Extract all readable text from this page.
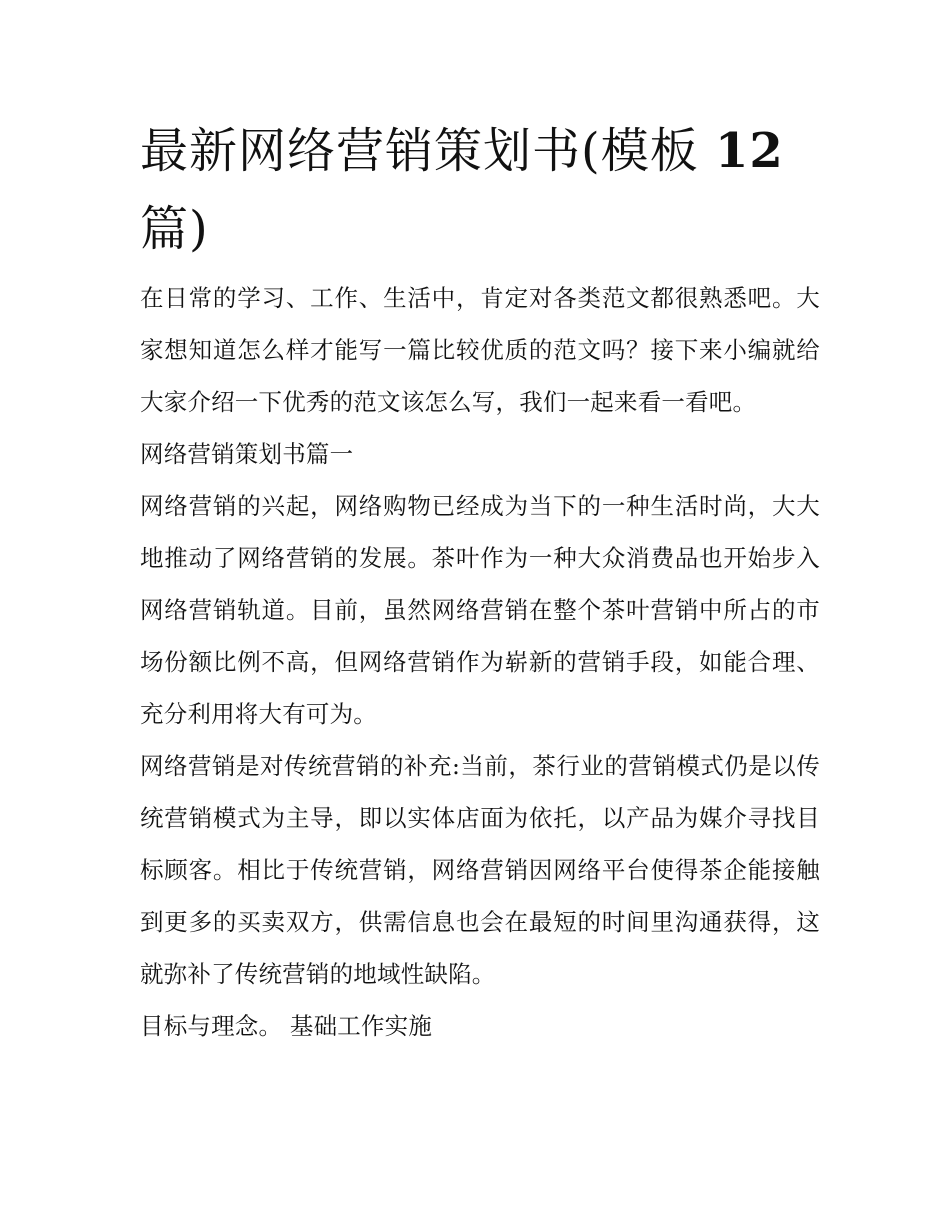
最新网络营销策划书(模板 12
篇)

在日常的学习、工作、生活中，肯定对各类范文都很熟悉吧。大家想知道怎么样才能写一篇比较优质的范文吗？接下来小编就给大家介绍一下优秀的范文该怎么写，我们一起来看一看吧。

网络营销策划书篇一

网络营销的兴起，网络购物已经成为当下的一种生活时尚，大大地推动了网络营销的发展。茶叶作为一种大众消费品也开始步入网络营销轨道。目前，虽然网络营销在整个茶叶营销中所占的市场份额比例不高，但网络营销作为崭新的营销手段，如能合理、充分利用将大有可为。

网络营销是对传统营销的补充:当前，茶行业的营销模式仍是以传统营销模式为主导，即以实体店面为依托，以产品为媒介寻找目标顾客。相比于传统营销，网络营销因网络平台使得茶企能接触到更多的买卖双方，供需信息也会在最短的时间里沟通获得，这就弥补了传统营销的地域性缺陷。

目标与理念。 基础工作实施
